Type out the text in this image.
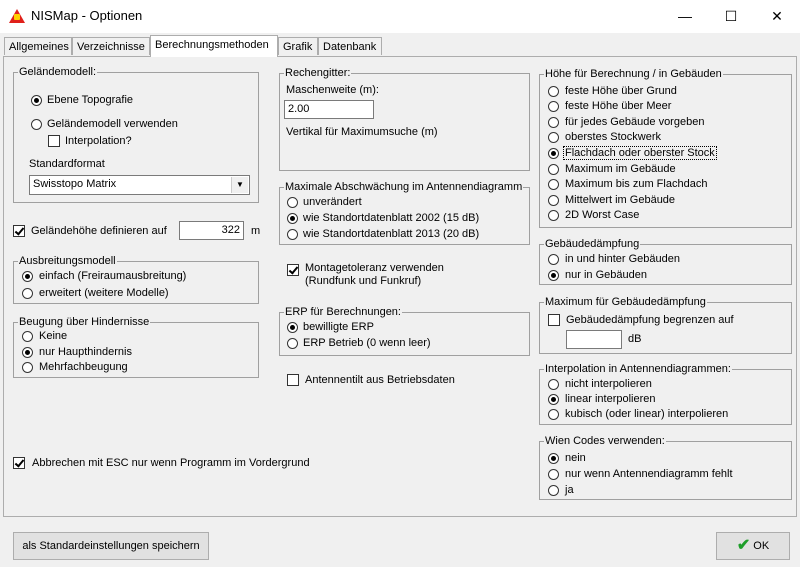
NISMap - Optionen	—	☐	✕
Allgemeines Verzeichnisse Berechnungsmethoden	Grafik Datenbank
Geländemodell:
Ebene Topografie
Geländemodell verwenden
Interpolation?
Standardformat
Swisstopo Matrix	▼
Geländehöhe definieren auf	322	m
Ausbreitungsmodell
einfach (Freiraumausbreitung)
erweitert (weitere Modelle)
Beugung über Hindernisse
Keine
nur Haupthindernis
Mehrfachbeugung
Abbrechen mit ESC nur wenn Programm im Vordergrund
Rechengitter:
Maschenweite (m):
2.00
Vertikal für Maximumsuche (m)
Maximale Abschwächung im Antennendiagramm
unverändert
wie Standortdatenblatt 2002 (15 dB)
wie Standortdatenblatt 2013 (20 dB)
Montagetoleranz verwenden
(Rundfunk und Funkruf)
ERP für Berechnungen:
bewilligte ERP
ERP Betrieb (0 wenn leer)
Antennentilt aus Betriebsdaten
Höhe für Berechnung / in Gebäuden
feste Höhe über Grund
feste Höhe über Meer
für jedes Gebäude vorgeben
oberstes Stockwerk
Flachdach oder oberster Stock
Maximum im Gebäude
Maximum bis zum Flachdach
Mittelwert im Gebäude
2D Worst Case
Gebäudedämpfung
in und hinter Gebäuden
nur in Gebäuden
Maximum für Gebäudedämpfung
Gebäudedämpfung begrenzen auf
dB
Interpolation in Antennendiagrammen:
nicht interpolieren
linear interpolieren
kubisch (oder linear) interpolieren
Wien Codes verwenden:
nein
nur wenn Antennendiagramm fehlt
ja
als Standardeinstellungen speichern	✔ OK
